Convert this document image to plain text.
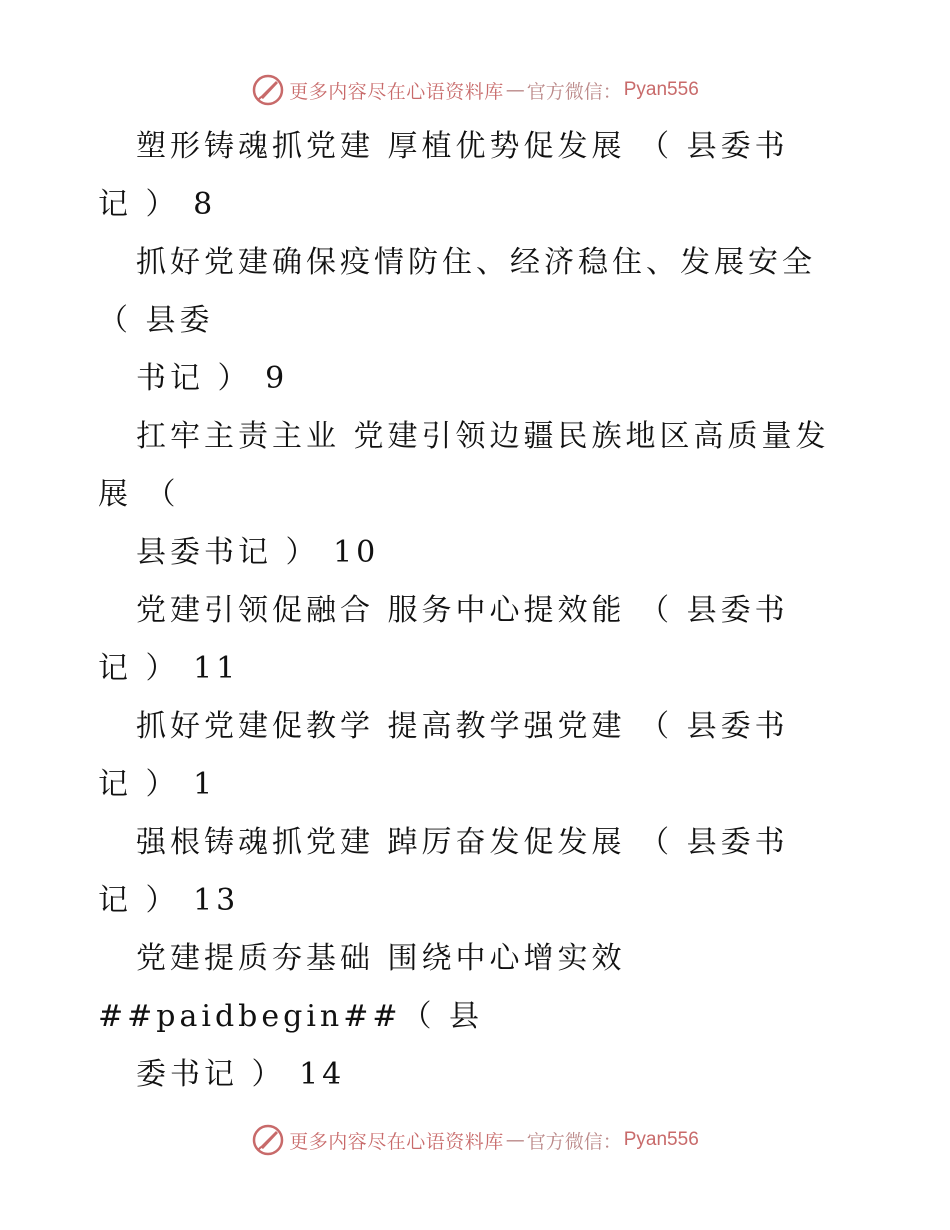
更多内容尽在心语资料库 — 官方微信： Pyan556
塑形铸魂抓党建 厚植优势促发展 （ 县委书
记 ） 8
抓好党建确保疫情防住、经济稳住、发展安全
（ 县委
书记 ） 9
扛牢主责主业 党建引领边疆民族地区高质量发
展 （
县委书记 ） 10
党建引领促融合 服务中心提效能 （ 县委书
记 ） 11
抓好党建促教学 提高教学强党建 （ 县委书
记 ） 1
强根铸魂抓党建 踔厉奋发促发展 （ 县委书
记 ） 13
党建提质夯基础 围绕中心增实效
##paidbegin##（ 县
委书记 ） 14
更多内容尽在心语资料库 — 官方微信： Pyan556
